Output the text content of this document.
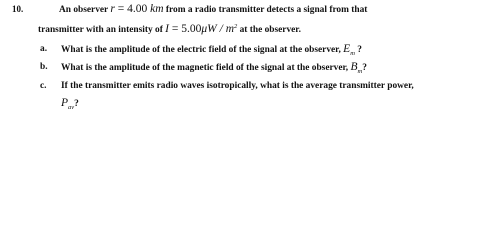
10.	An observer r = 4.00 km from a radio transmitter detects a signal from that
transmitter with an intensity of $I = 5.00\mu W / m^2$ at the observer.
a. What is the amplitude of the electric field of the signal at the observer, $E_m$ ?
b. What is the amplitude of the magnetic field of the signal at the observer, $B_m$?
c. If the transmitter emits radio waves isotropically, what is the average transmitter power,
$P_{av}$?
